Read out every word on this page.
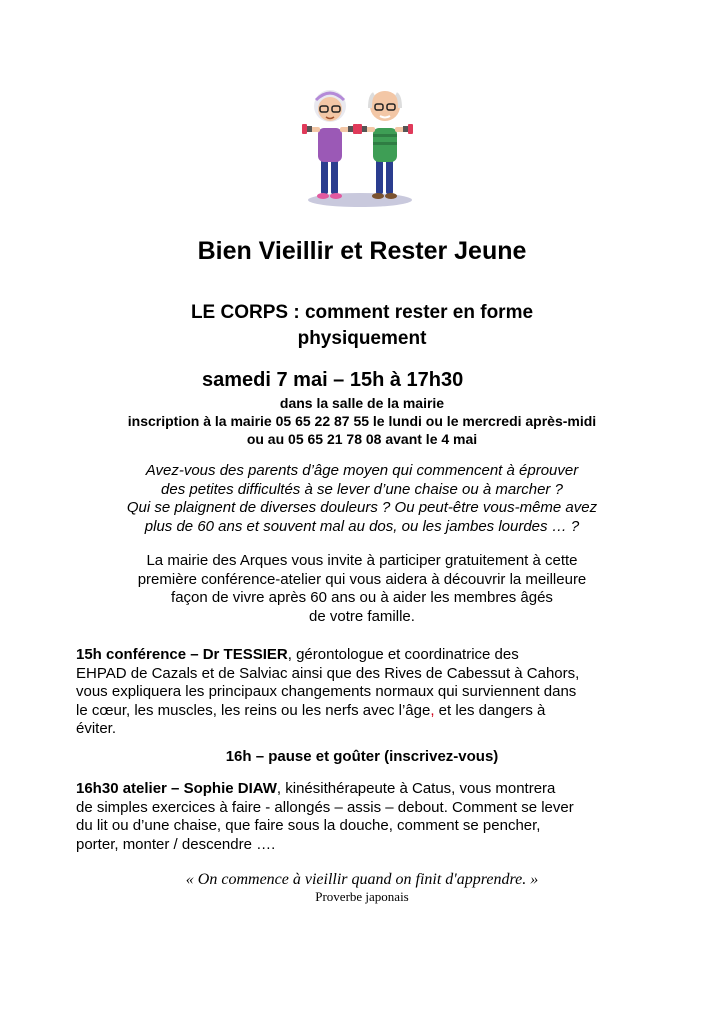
Bien Vieillir et Rester Jeune
LE CORPS : comment rester en forme
physiquement
samedi 7 mai – 15h à 17h30
dans la salle de la mairie
inscription à la mairie 05 65 22 87 55 le lundi ou le mercredi après-midi
ou au 05 65 21 78 08 avant le 4 mai
Avez-vous des parents d’âge moyen qui commencent à éprouver
des petites difficultés à se lever d’une chaise ou à marcher ?
Qui se plaignent de diverses douleurs ? Ou peut-être vous-même avez
plus de 60 ans et souvent mal au dos, ou les jambes lourdes … ?
La mairie des Arques vous invite à participer gratuitement à cette
première conférence-atelier qui vous aidera à découvrir la meilleure
façon de vivre après 60 ans ou à aider les membres âgés
de votre famille.
15h conférence – Dr TESSIER, gérontologue et coordinatrice des
EHPAD de Cazals et de Salviac ainsi que des Rives de Cabessut à Cahors,
vous expliquera les principaux changements normaux qui surviennent dans
le cœur, les muscles, les reins ou les nerfs avec l’âge, et les dangers à
éviter.
16h – pause et goûter (inscrivez-vous)
16h30 atelier – Sophie DIAW, kinésithérapeute à Catus, vous montrera
de simples exercices à faire - allongés – assis – debout. Comment se lever
du lit ou d’une chaise, que faire sous la douche, comment se pencher,
porter, monter / descendre ….
« On commence à vieillir quand on finit d'apprendre. »
Proverbe japonais
